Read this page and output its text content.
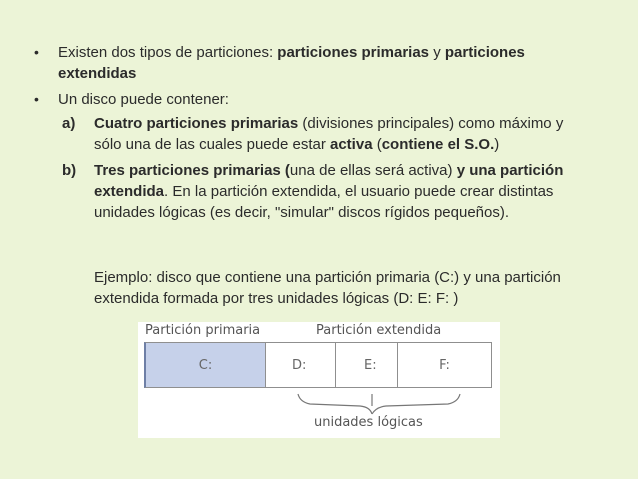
• Existen dos tipos de particiones: particiones primarias y particiones extendidas
• Un disco puede contener:
a) Cuatro particiones primarias (divisiones principales) como máximo y sólo una de las cuales puede estar activa (contiene el S.O.)
b) Tres particiones primarias (una de ellas será activa) y una partición extendida. En la partición extendida, el usuario puede crear distintas unidades lógicas (es decir, "simular" discos rígidos pequeños).
Ejemplo: disco que contiene una partición primaria (C:) y una partición extendida formada por tres unidades lógicas (D: E: F: )
Partición primaria	Partición extendida
C:	D:	E:	F:
unidades lógicas
